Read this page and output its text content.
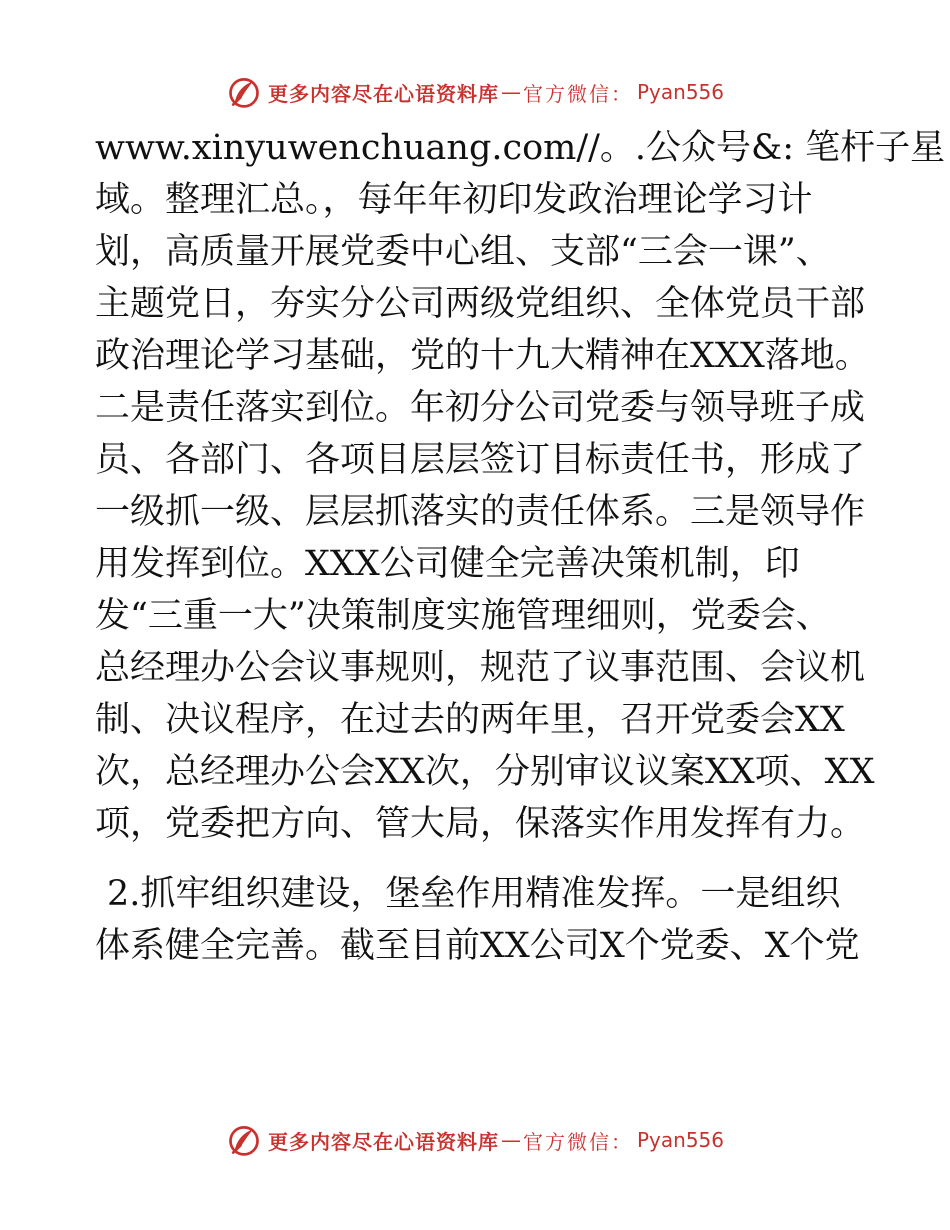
更多内容尽在心语资料库 — 官方微信： Pyan556
www.xinyuwenchuang.com//。.公众号&: 笔杆子星
域。整理汇总。，每年年初印发政治理论学习计
划，高质量开展党委中心组、支部“三会一课”、
主题党日，夯实分公司两级党组织、全体党员干部
政治理论学习基础，党的十九大精神在XXX落地。
二是责任落实到位。年初分公司党委与领导班子成
员、各部门、各项目层层签订目标责任书，形成了
一级抓一级、层层抓落实的责任体系。三是领导作
用发挥到位。XXX公司健全完善决策机制，印
发“三重一大”决策制度实施管理细则，党委会、
总经理办公会议事规则，规范了议事范围、会议机
制、决议程序，在过去的两年里，召开党委会XX
次，总经理办公会XX次，分别审议议案XX项、XX
项，党委把方向、管大局，保落实作用发挥有力。
2.抓牢组织建设，堡垒作用精准发挥。一是组织
体系健全完善。截至目前XX公司X个党委、X个党
更多内容尽在心语资料库 — 官方微信： Pyan556
